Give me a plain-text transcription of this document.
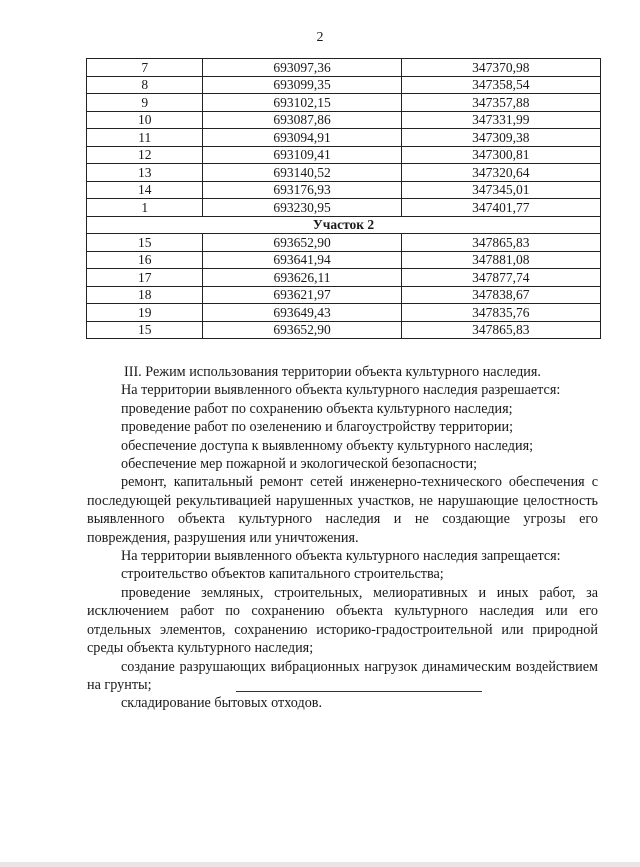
2
7	693097,36	347370,98
8	693099,35	347358,54
9	693102,15	347357,88
10	693087,86	347331,99
11	693094,91	347309,38
12	693109,41	347300,81
13	693140,52	347320,64
14	693176,93	347345,01
1	693230,95	347401,77
Участок 2		
15	693652,90	347865,83
16	693641,94	347881,08
17	693626,11	347877,74
18	693621,97	347838,67
19	693649,43	347835,76
15	693652,90	347865,83

III. Режим использования территории объекта культурного наследия.

На территории выявленного объекта культурного наследия разрешается:

проведение работ по сохранению объекта культурного наследия;

проведение работ по озеленению и благоустройству территории;

обеспечение доступа к выявленному объекту культурного наследия;

обеспечение мер пожарной и экологической безопасности;

ремонт, капитальный ремонт сетей инженерно-технического обеспечения с последующей рекультивацией нарушенных участков, не нарушающие целостность выявленного объекта культурного наследия и не создающие угрозы его повреждения, разрушения или уничтожения.

На территории выявленного объекта культурного наследия запрещается:

строительство объектов капитального строительства;

проведение земляных, строительных, мелиоративных и иных работ, за исключением работ по сохранению объекта культурного наследия или его отдельных элементов, сохранению историко-градостроительной или природной среды объекта культурного наследия;

создание разрушающих вибрационных нагрузок динамическим воздействием на грунты;

складирование бытовых отходов.
